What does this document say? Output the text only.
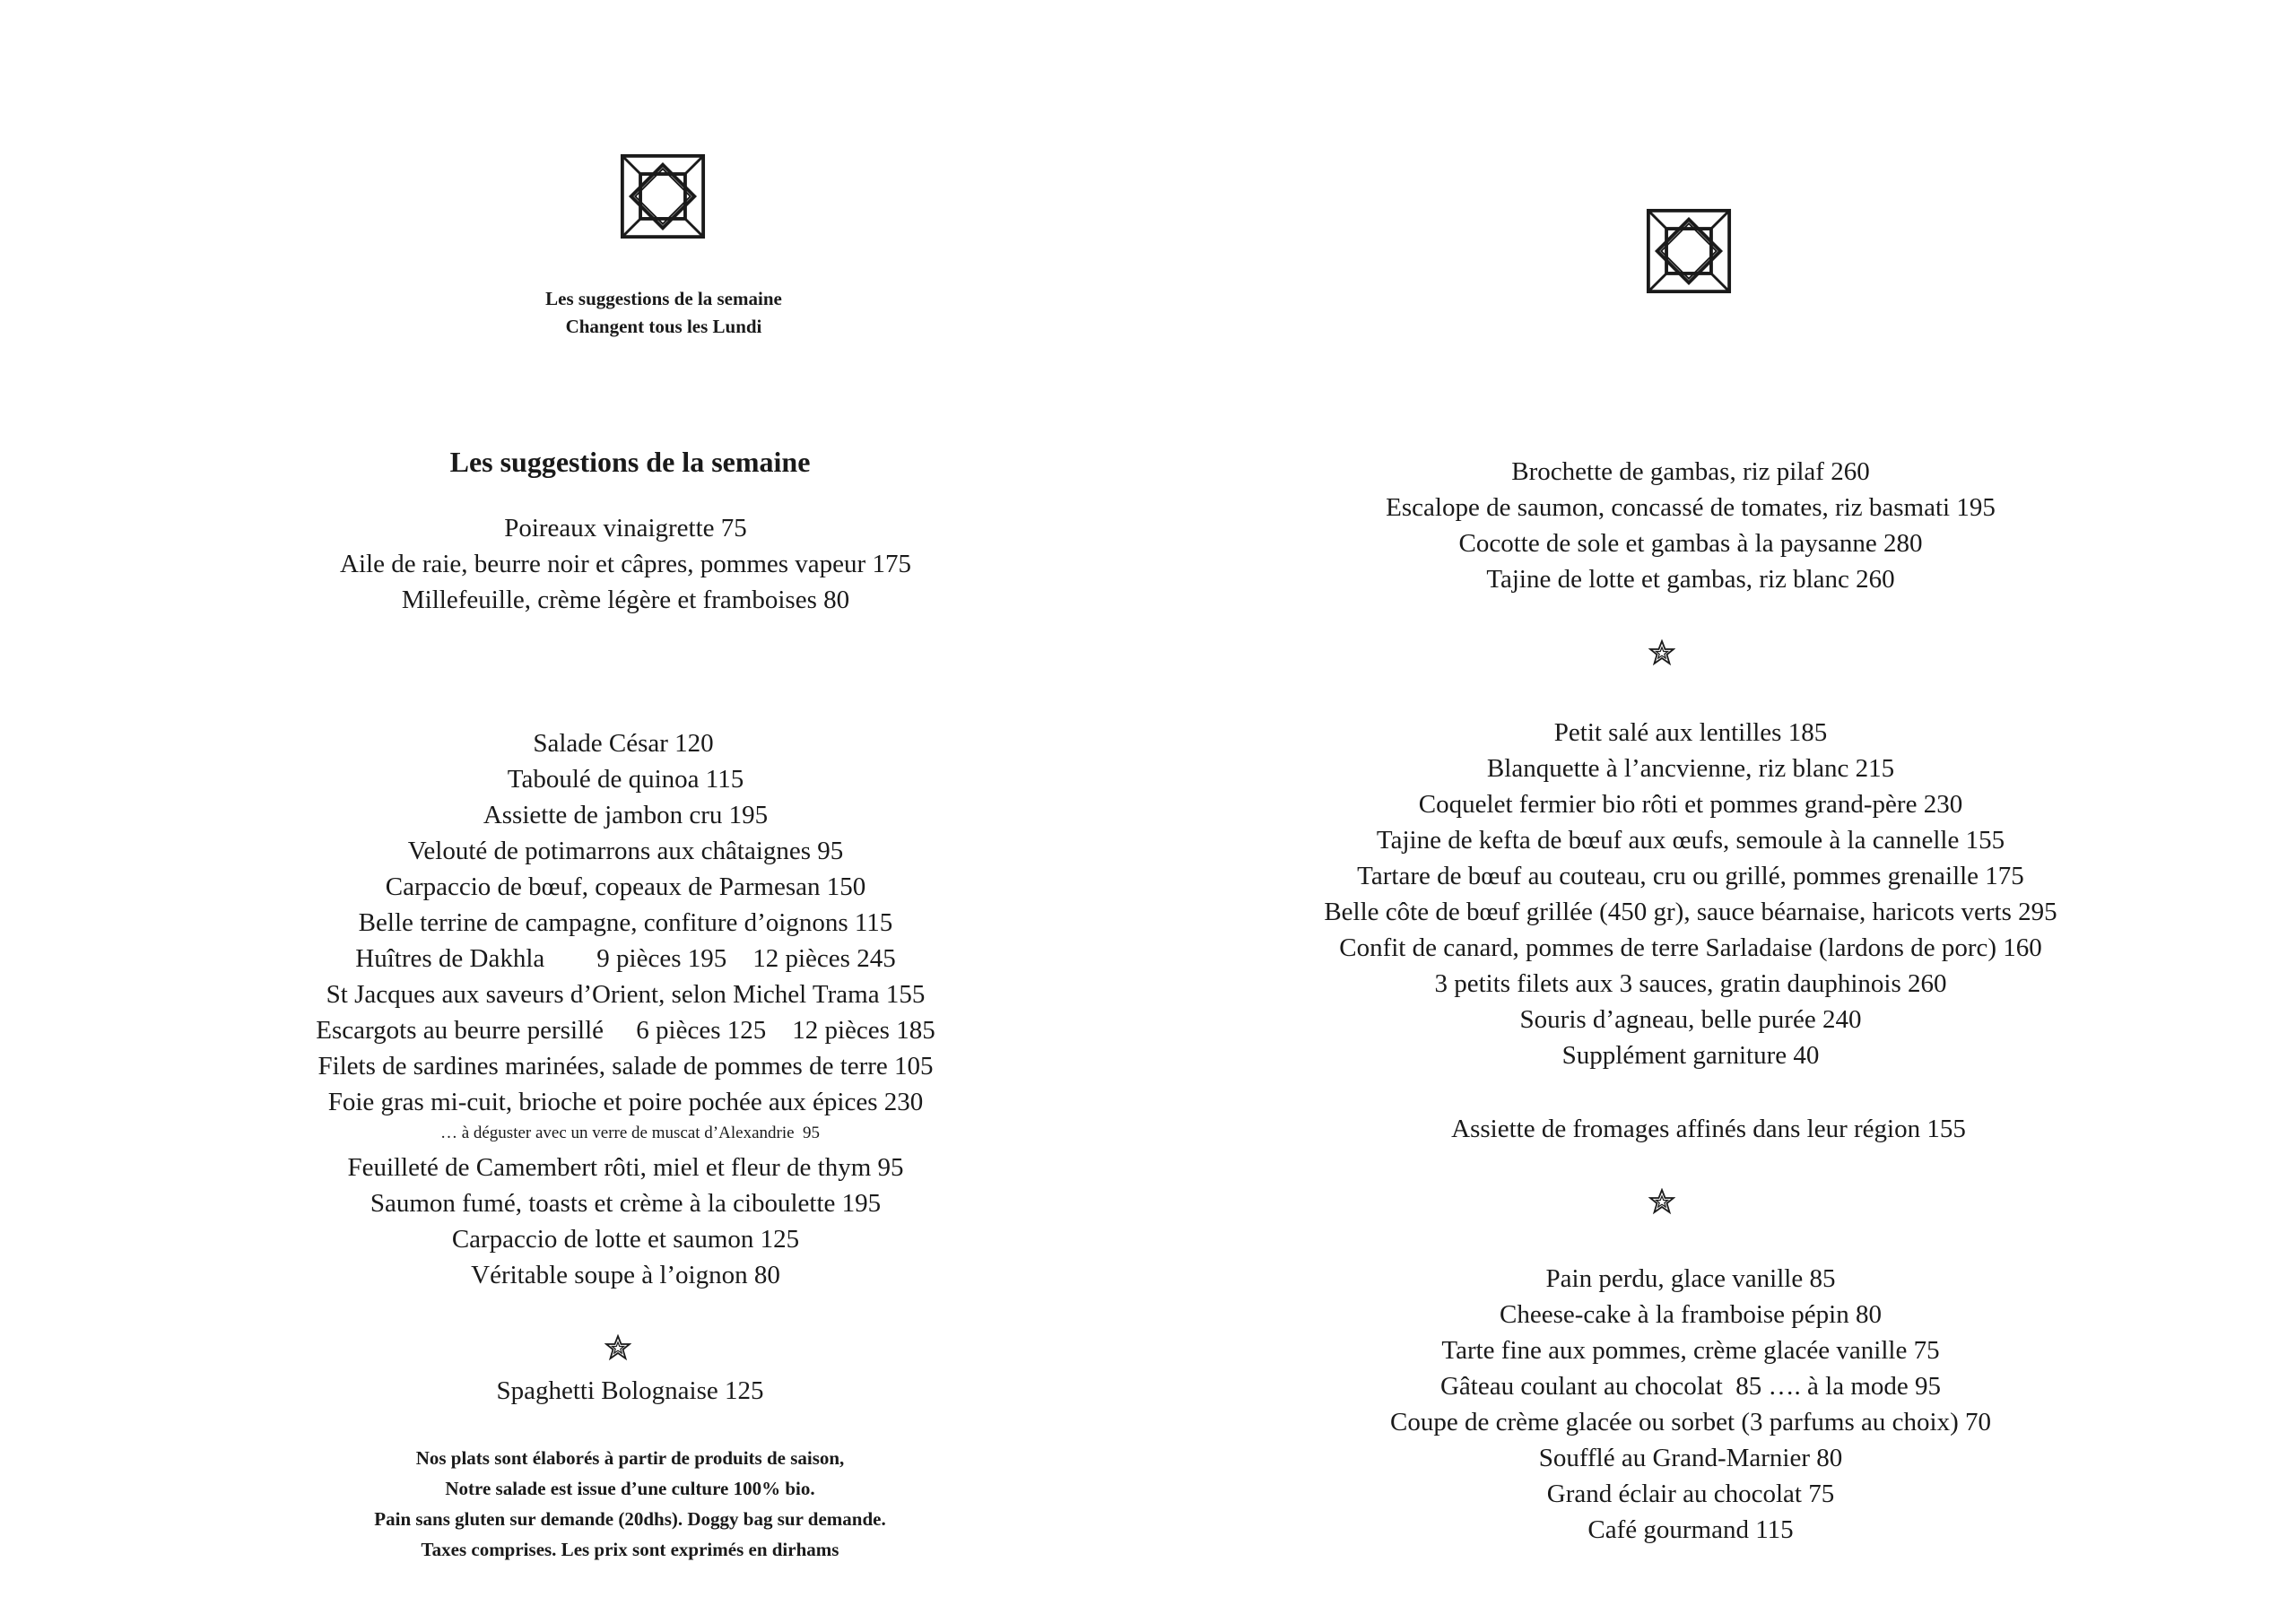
Les suggestions de la semaine
Changent tous les Lundi
Les suggestions de la semaine
Poireaux vinaigrette 75
Aile de raie, beurre noir et câpres, pommes vapeur 175
Millefeuille, crème légère et framboises 80
Salade César 120
Taboulé de quinoa 115
Assiette de jambon cru 195
Velouté de potimarrons aux châtaignes 95
Carpaccio de bœuf, copeaux de Parmesan 150
Belle terrine de campagne, confiture d’oignons 115
Huîtres de Dakhla        9 pièces 195    12 pièces 245
St Jacques aux saveurs d’Orient, selon Michel Trama 155
Escargots au beurre persillé     6 pièces 125    12 pièces 185
Filets de sardines marinées, salade de pommes de terre 105
Foie gras mi-cuit, brioche et poire pochée aux épices 230
… à déguster avec un verre de muscat d’Alexandrie  95
Feuilleté de Camembert rôti, miel et fleur de thym 95
Saumon fumé, toasts et crème à la ciboulette 195
Carpaccio de lotte et saumon 125
Véritable soupe à l’oignon 80
Spaghetti Bolognaise 125
Nos plats sont élaborés à partir de produits de saison,
Notre salade est issue d’une culture 100% bio.
Pain sans gluten sur demande (20dhs). Doggy bag sur demande.
Taxes comprises. Les prix sont exprimés en dirhams
Brochette de gambas, riz pilaf 260
Escalope de saumon, concassé de tomates, riz basmati 195
Cocotte de sole et gambas à la paysanne 280
Tajine de lotte et gambas, riz blanc 260
Petit salé aux lentilles 185
Blanquette à l’ancvienne, riz blanc 215
Coquelet fermier bio rôti et pommes grand-père 230
Tajine de kefta de bœuf aux œufs, semoule à la cannelle 155
Tartare de bœuf au couteau, cru ou grillé, pommes grenaille 175
Belle côte de bœuf grillée (450 gr), sauce béarnaise, haricots verts 295
Confit de canard, pommes de terre Sarladaise (lardons de porc) 160
3 petits filets aux 3 sauces, gratin dauphinois 260
Souris d’agneau, belle purée 240
Supplément garniture 40
Assiette de fromages affinés dans leur région 155
Pain perdu, glace vanille 85
Cheese-cake à la framboise pépin 80
Tarte fine aux pommes, crème glacée vanille 75
Gâteau coulant au chocolat  85 …. à la mode 95
Coupe de crème glacée ou sorbet (3 parfums au choix) 70
Soufflé au Grand-Marnier 80
Grand éclair au chocolat 75
Café gourmand 115
